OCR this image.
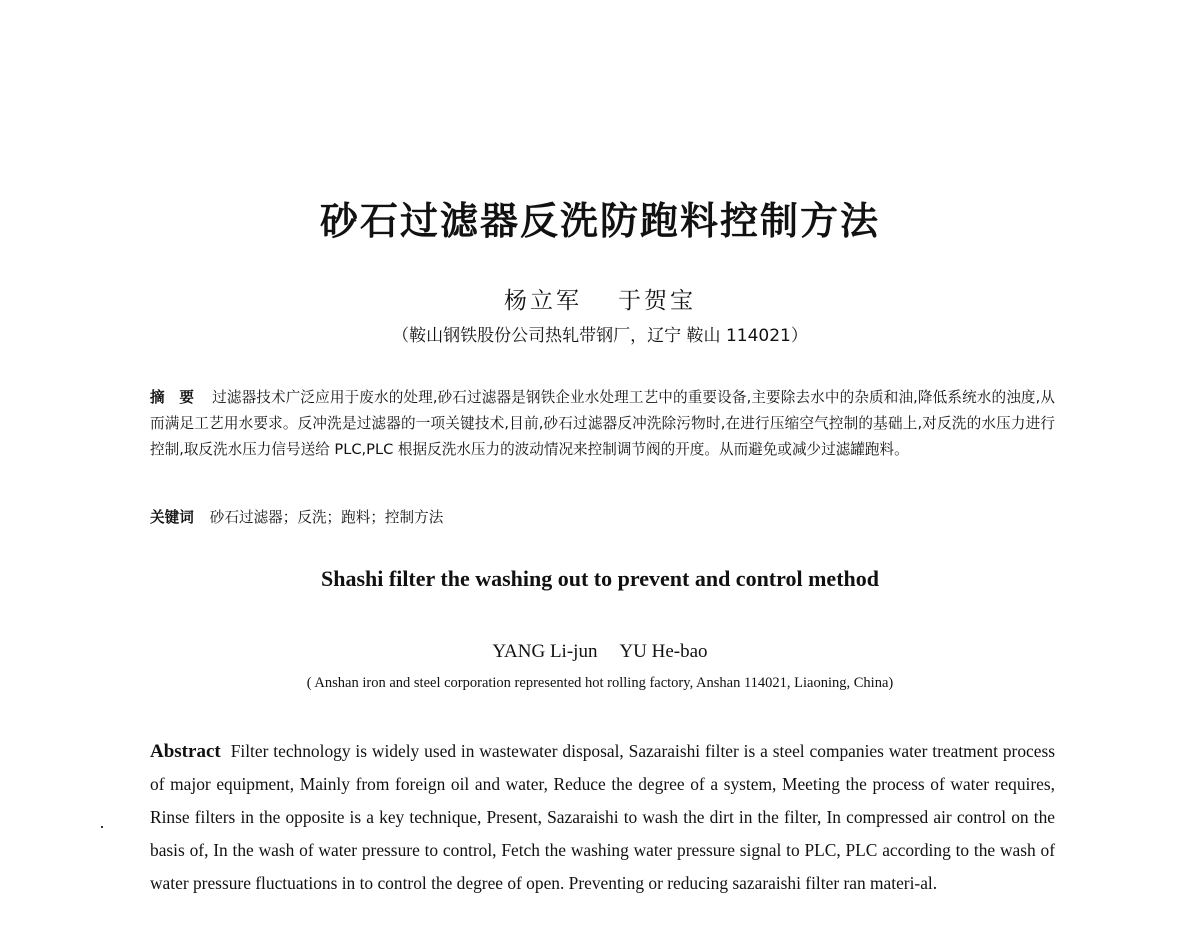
砂石过滤器反洗防跑料控制方法
杨立军 于贺宝
（鞍山钢铁股份公司热轧带钢厂，辽宁 鞍山 114021）
摘　要 过滤器技术广泛应用于废水的处理,砂石过滤器是钢铁企业水处理工艺中的重要设备,主要除去水中的杂质和油,降低系统水的浊度,从而满足工艺用水要求。反冲洗是过滤器的一项关键技术,目前,砂石过滤器反冲洗除污物时,在进行压缩空气控制的基础上,对反洗的水压力进行控制,取反洗水压力信号送给 PLC,PLC 根据反洗水压力的波动情况来控制调节阀的开度。从而避免或减少过滤罐跑料。
关键词 砂石过滤器；反洗；跑料；控制方法
Shashi filter the washing out to prevent and control method
YANG Li-jun YU He-bao
( Anshan iron and steel corporation represented hot rolling factory, Anshan 114021, Liaoning, China)
Abstract Filter technology is widely used in wastewater disposal, Sazaraishi filter is a steel companies water treatment process of major equipment, Mainly from foreign oil and water, Reduce the degree of a system, Meeting the process of water requires, Rinse filters in the opposite is a key technique, Present, Sazaraishi to wash the dirt in the filter, In compressed air control on the basis of, In the wash of water pressure to control, Fetch the washing water pressure signal to PLC, PLC according to the wash of water pressure fluctuations in to control the degree of open. Preventing or reducing sazaraishi filter ran materi-al.
